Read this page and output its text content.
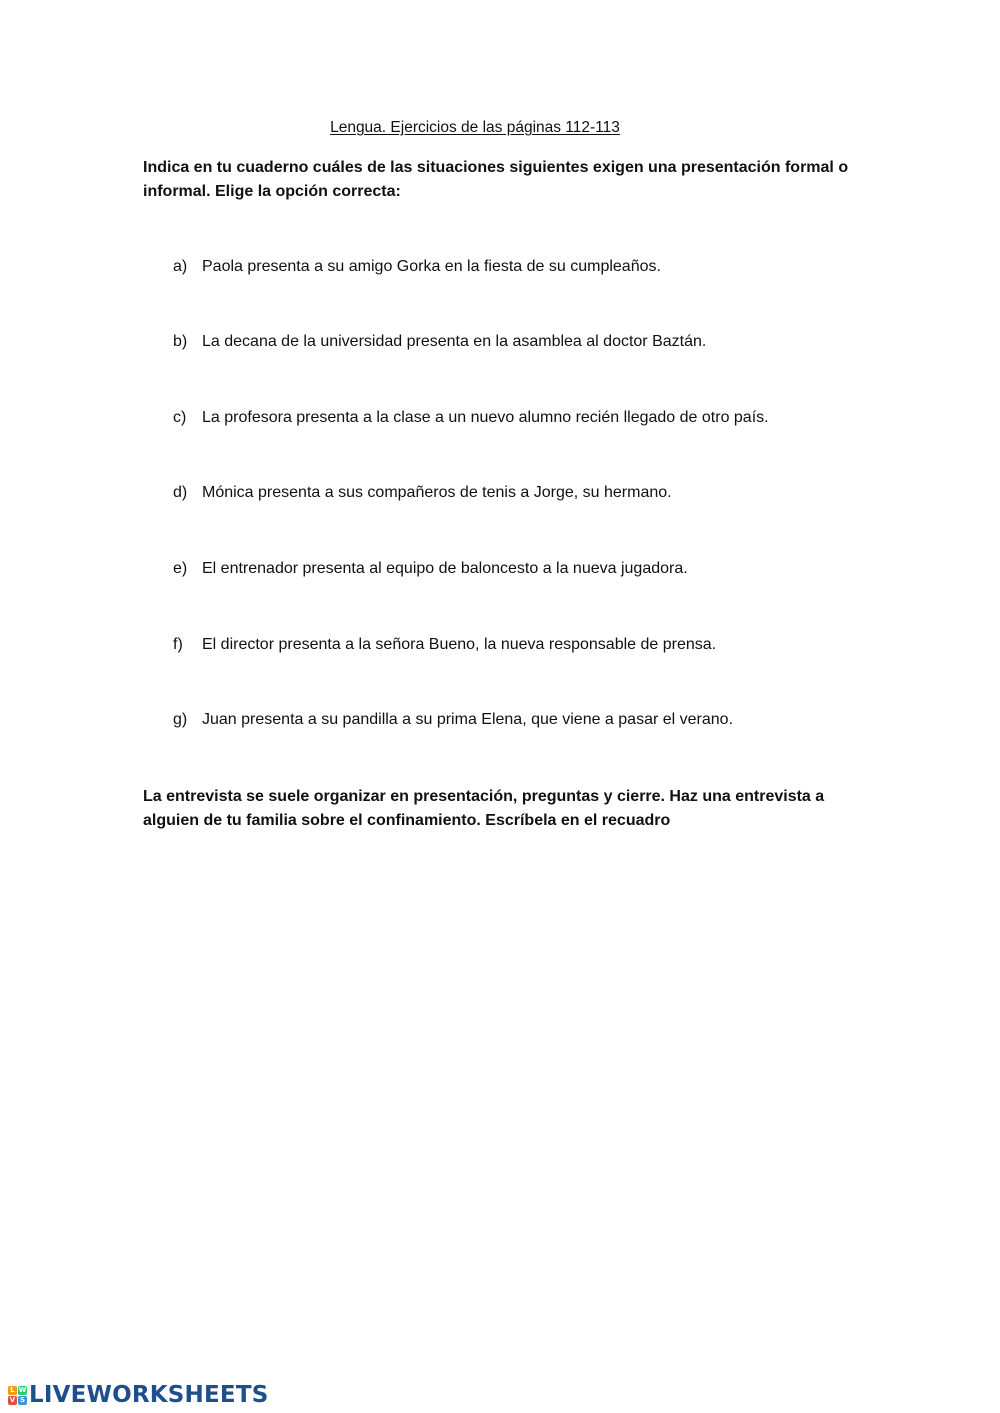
Lengua. Ejercicios de las páginas 112-113

Indica en tu cuaderno cuáles de las situaciones siguientes exigen una presentación formal o informal. Elige la opción correcta:

a) Paola presenta a su amigo Gorka en la fiesta de su cumpleaños.
b) La decana de la universidad presenta en la asamblea al doctor Baztán.
c) La profesora presenta a la clase a un nuevo alumno recién llegado de otro país.
d) Mónica presenta a sus compañeros de tenis a Jorge, su hermano.
e) El entrenador presenta al equipo de baloncesto a la nueva jugadora.
f) El director presenta a la señora Bueno, la nueva responsable de prensa.
g) Juan presenta a su pandilla a su prima Elena, que viene a pasar el verano.

La entrevista se suele organizar en presentación, preguntas y cierre. Haz una entrevista a alguien de tu familia sobre el confinamiento. Escríbela en el recuadro

L W
V S LIVEWORKSHEETS
